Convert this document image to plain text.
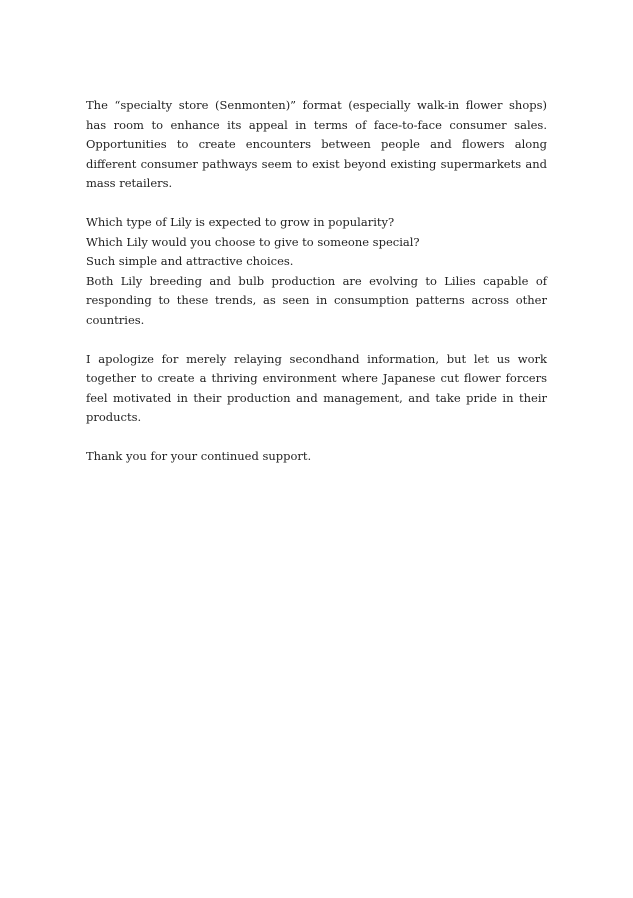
The “specialty store (Senmonten)” format (especially walk-in flower shops) has room to enhance its appeal in terms of face-to-face consumer sales. Opportunities to create encounters between people and flowers along different consumer pathways seem to exist beyond existing supermarkets and mass retailers.

Which type of Lily is expected to grow in popularity?
Which Lily would you choose to give to someone special?
Such simple and attractive choices.
Both Lily breeding and bulb production are evolving to Lilies capable of responding to these trends, as seen in consumption patterns across other countries.

I apologize for merely relaying secondhand information, but let us work together to create a thriving environment where Japanese cut flower forcers feel motivated in their production and management, and take pride in their products.

Thank you for your continued support.
